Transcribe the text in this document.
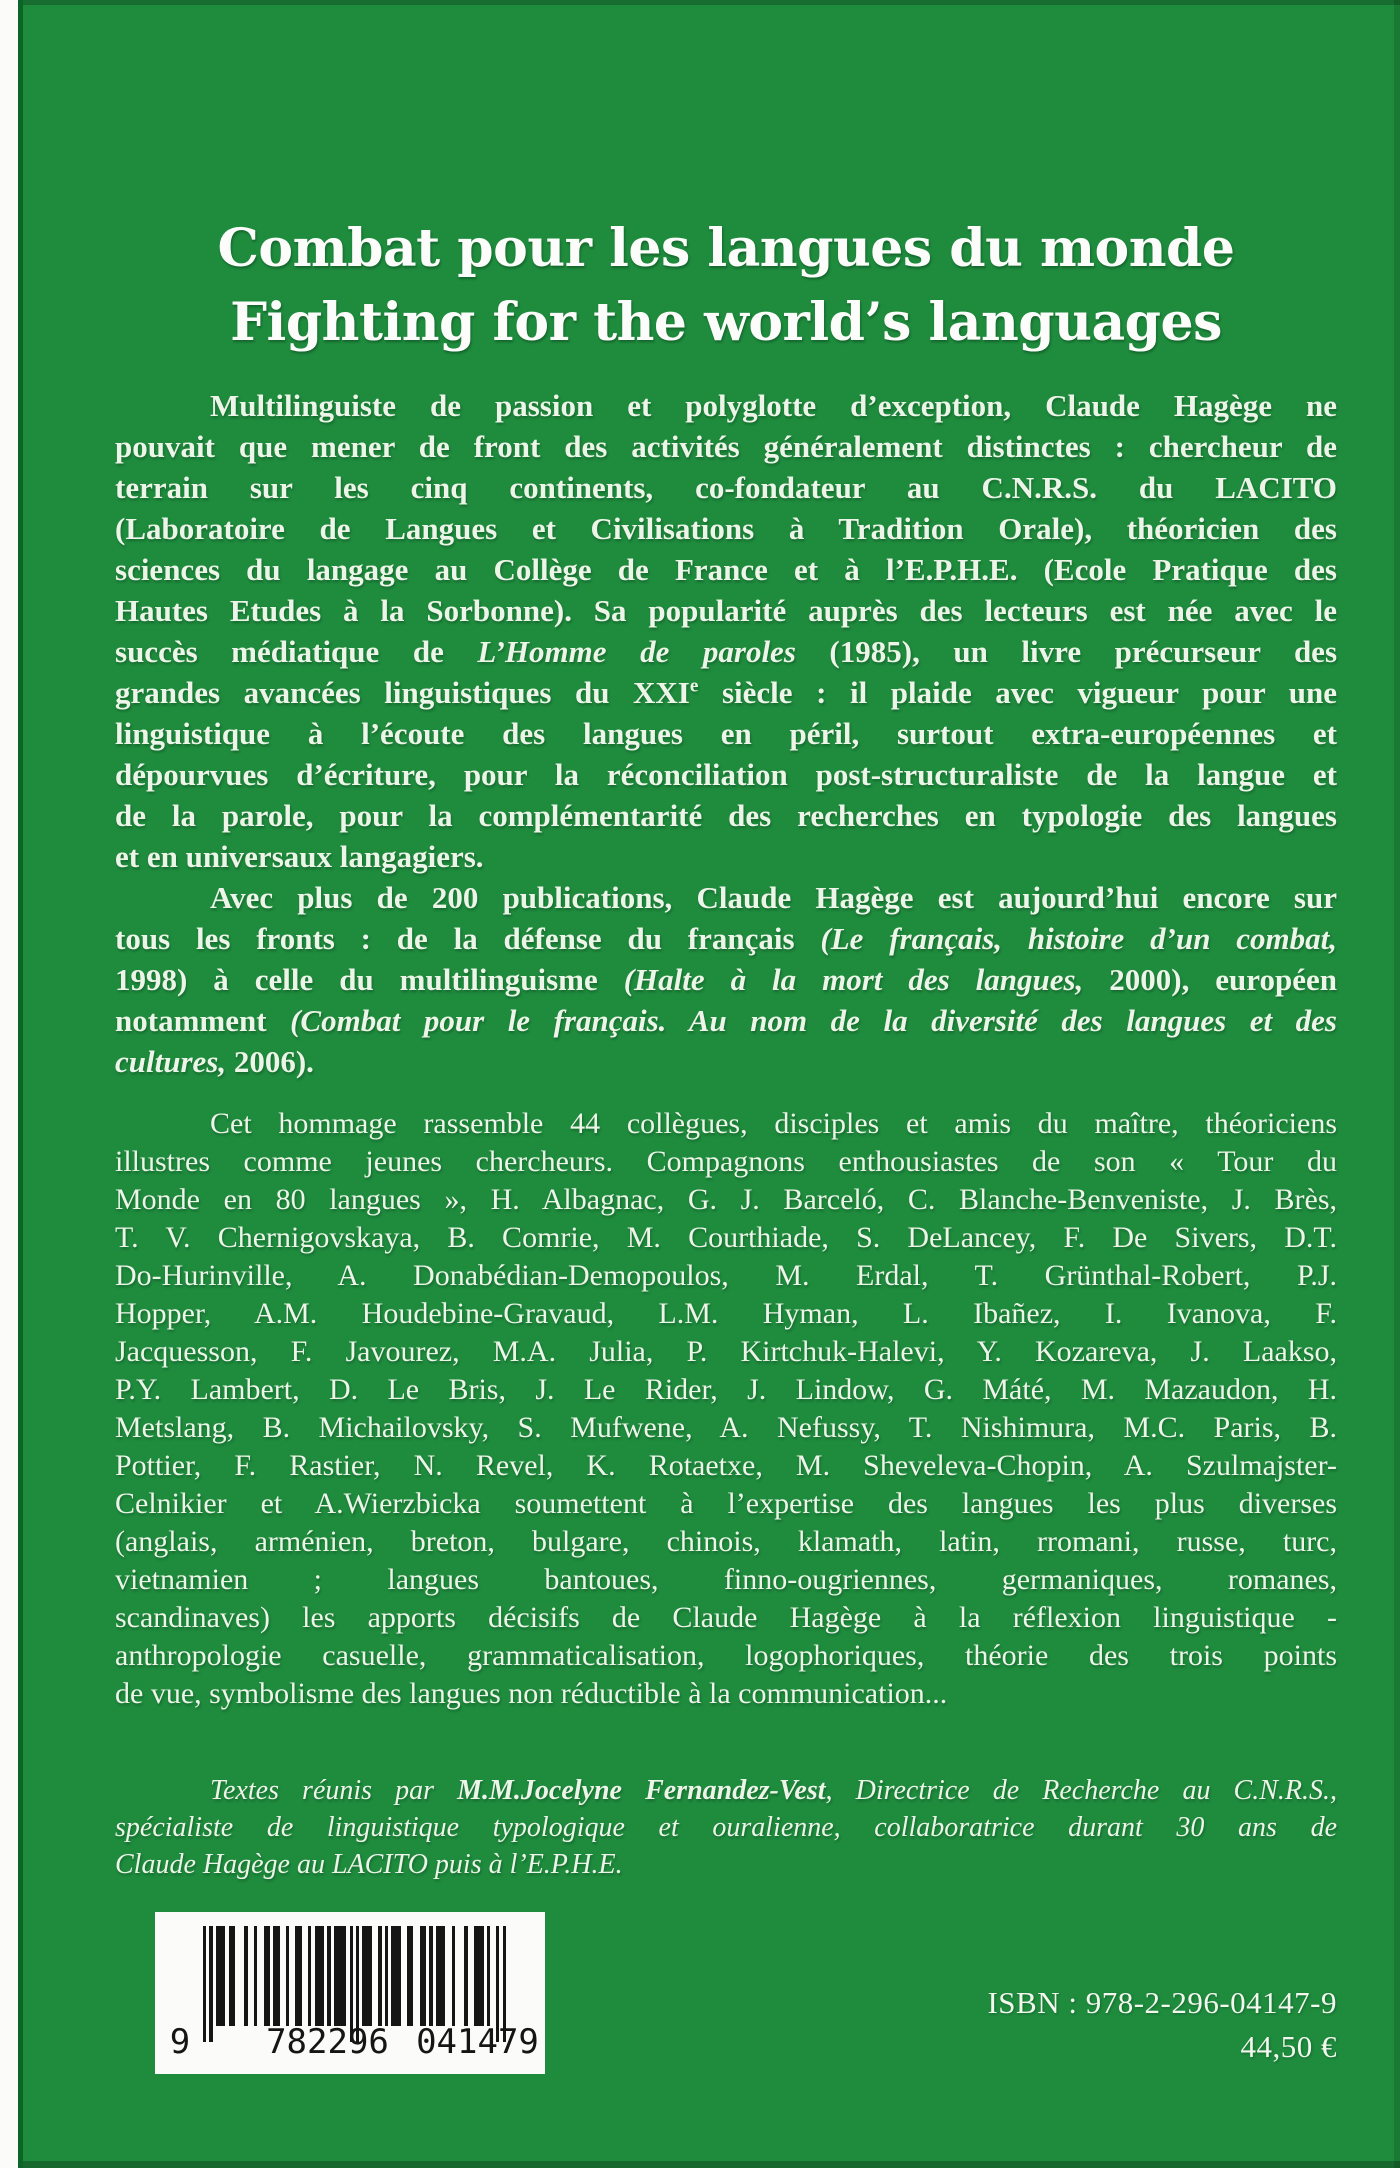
Combat pour les langues du monde
Fighting for the world’s languages
Multilinguiste de passion et polyglotte d’exception, Claude Hagège ne
pouvait que mener de front des activités généralement distinctes : chercheur de
terrain sur les cinq continents, co-fondateur au C.N.R.S. du LACITO
(Laboratoire de Langues et Civilisations à Tradition Orale), théoricien des
sciences du langage au Collège de France et à l’E.P.H.E. (Ecole Pratique des
Hautes Etudes à la Sorbonne). Sa popularité auprès des lecteurs est née avec le
succès médiatique de L’Homme de paroles (1985), un livre précurseur des
grandes avancées linguistiques du XXIe siècle : il plaide avec vigueur pour une
linguistique à l’écoute des langues en péril, surtout extra-européennes et
dépourvues d’écriture, pour la réconciliation post-structuraliste de la langue et
de la parole, pour la complémentarité des recherches en typologie des langues
et en universaux langagiers.
Avec plus de 200 publications, Claude Hagège est aujourd’hui encore sur
tous les fronts : de la défense du français (Le français, histoire d’un combat,
1998) à celle du multilinguisme (Halte à la mort des langues, 2000), européen
notamment (Combat pour le français. Au nom de la diversité des langues et des
cultures, 2006).
Cet hommage rassemble 44 collègues, disciples et amis du maître, théoriciens
illustres comme jeunes chercheurs. Compagnons enthousiastes de son « Tour du
Monde en 80 langues », H. Albagnac, G. J. Barceló, C. Blanche-Benveniste, J. Brès,
T. V. Chernigovskaya, B. Comrie, M. Courthiade, S. DeLancey, F. De Sivers, D.T.
Do-Hurinville, A. Donabédian-Demopoulos, M. Erdal, T. Grünthal-Robert, P.J.
Hopper, A.M. Houdebine-Gravaud, L.M. Hyman, L. Ibañez, I. Ivanova, F.
Jacquesson, F. Javourez, M.A. Julia, P. Kirtchuk-Halevi, Y. Kozareva, J. Laakso,
P.Y. Lambert, D. Le Bris, J. Le Rider, J. Lindow, G. Máté, M. Mazaudon, H.
Metslang, B. Michailovsky, S. Mufwene, A. Nefussy, T. Nishimura, M.C. Paris, B.
Pottier, F. Rastier, N. Revel, K. Rotaetxe, M. Sheveleva-Chopin, A. Szulmajster-
Celnikier et A.Wierzbicka soumettent à l’expertise des langues les plus diverses
(anglais, arménien, breton, bulgare, chinois, klamath, latin, rromani, russe, turc,
vietnamien ; langues bantoues, finno-ougriennes, germaniques, romanes,
scandinaves) les apports décisifs de Claude Hagège à la réflexion linguistique -
anthropologie casuelle, grammaticalisation, logophoriques, théorie des trois points
de vue, symbolisme des langues non réductible à la communication...
Textes réunis par M.M.Jocelyne Fernandez-Vest, Directrice de Recherche au C.N.R.S.,
spécialiste de linguistique typologique et ouralienne, collaboratrice durant 30 ans de
Claude Hagège au LACITO puis à l’E.P.H.E.
9	782296 041479
ISBN : 978-2-296-04147-9
44,50 €
